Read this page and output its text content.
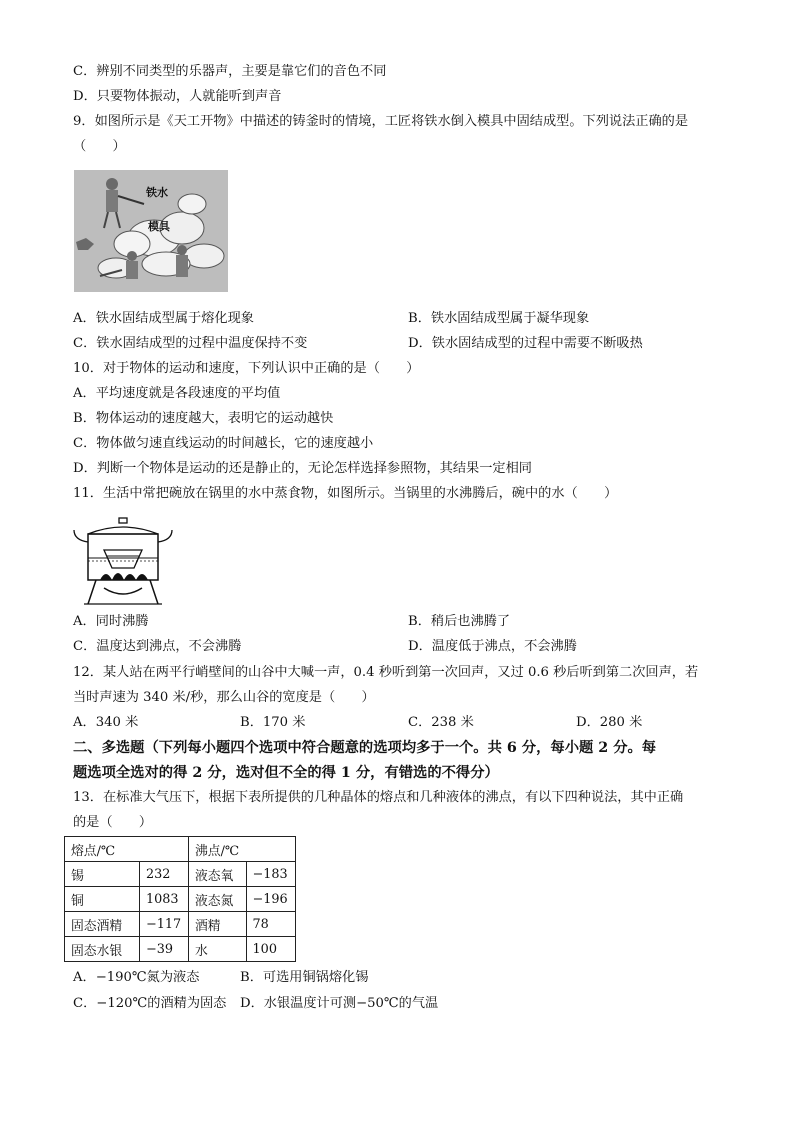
C．辨别不同类型的乐器声，主要是靠它们的音色不同
D．只要物体振动，人就能听到声音
9．如图所示是《天工开物》中描述的铸釜时的情境，工匠将铁水倒入模具中固结成型。下列说法正确的是
（　　）
铁水
模具
A．铁水固结成型属于熔化现象	B．铁水固结成型属于凝华现象
C．铁水固结成型的过程中温度保持不变	D．铁水固结成型的过程中需要不断吸热
10．对于物体的运动和速度，下列认识中正确的是（　　）
A．平均速度就是各段速度的平均值
B．物体运动的速度越大，表明它的运动越快
C．物体做匀速直线运动的时间越长，它的速度越小
D．判断一个物体是运动的还是静止的，无论怎样选择参照物，其结果一定相同
11．生活中常把碗放在锅里的水中蒸食物，如图所示。当锅里的水沸腾后，碗中的水（　　）
A．同时沸腾	B．稍后也沸腾了
C．温度达到沸点，不会沸腾	D．温度低于沸点，不会沸腾
12．某人站在两平行峭壁间的山谷中大喊一声，0.4 秒听到第一次回声，又过 0.6 秒后听到第二次回声，若
当时声速为 340 米/秒，那么山谷的宽度是（　　）
A．340 米	B．170 米	C．238 米	D．280 米
二、多选题（下列每小题四个选项中符合题意的选项均多于一个。共 6 分，每小题 2 分。每
题选项全选对的得 2 分，选对但不全的得 1 分，有错选的不得分）
13．在标准大气压下，根据下表所提供的几种晶体的熔点和几种液体的沸点，有以下四种说法，其中正确
的是（　　）
熔点/℃		沸点/℃	
锡	232	液态氧	−183
铜	1083	液态氮	−196
固态酒精	−117	酒精	78
固态水银	−39	水	100
A．−190℃氮为液态	B．可选用铜锅熔化锡
C．−120℃的酒精为固态 D．水银温度计可测−50℃的气温
